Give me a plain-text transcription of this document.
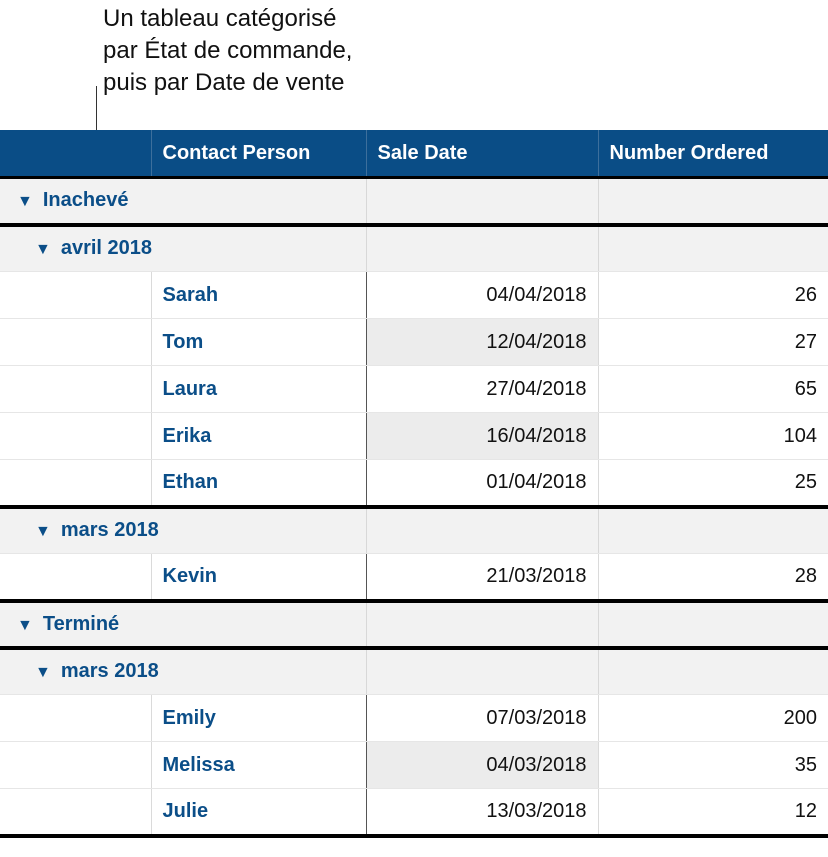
Un tableau catégorisé
par État de commande,
puis par Date de vente
	Contact Person	Sale Date	Number Ordered
▼ Inachevé			
▼ avril 2018			
	Sarah	04/04/2018	26
	Tom	12/04/2018	27
	Laura	27/04/2018	65
	Erika	16/04/2018	104
	Ethan	01/04/2018	25
▼ mars 2018			
	Kevin	21/03/2018	28
▼ Terminé			
▼ mars 2018			
	Emily	07/03/2018	200
	Melissa	04/03/2018	35
	Julie	13/03/2018	12
